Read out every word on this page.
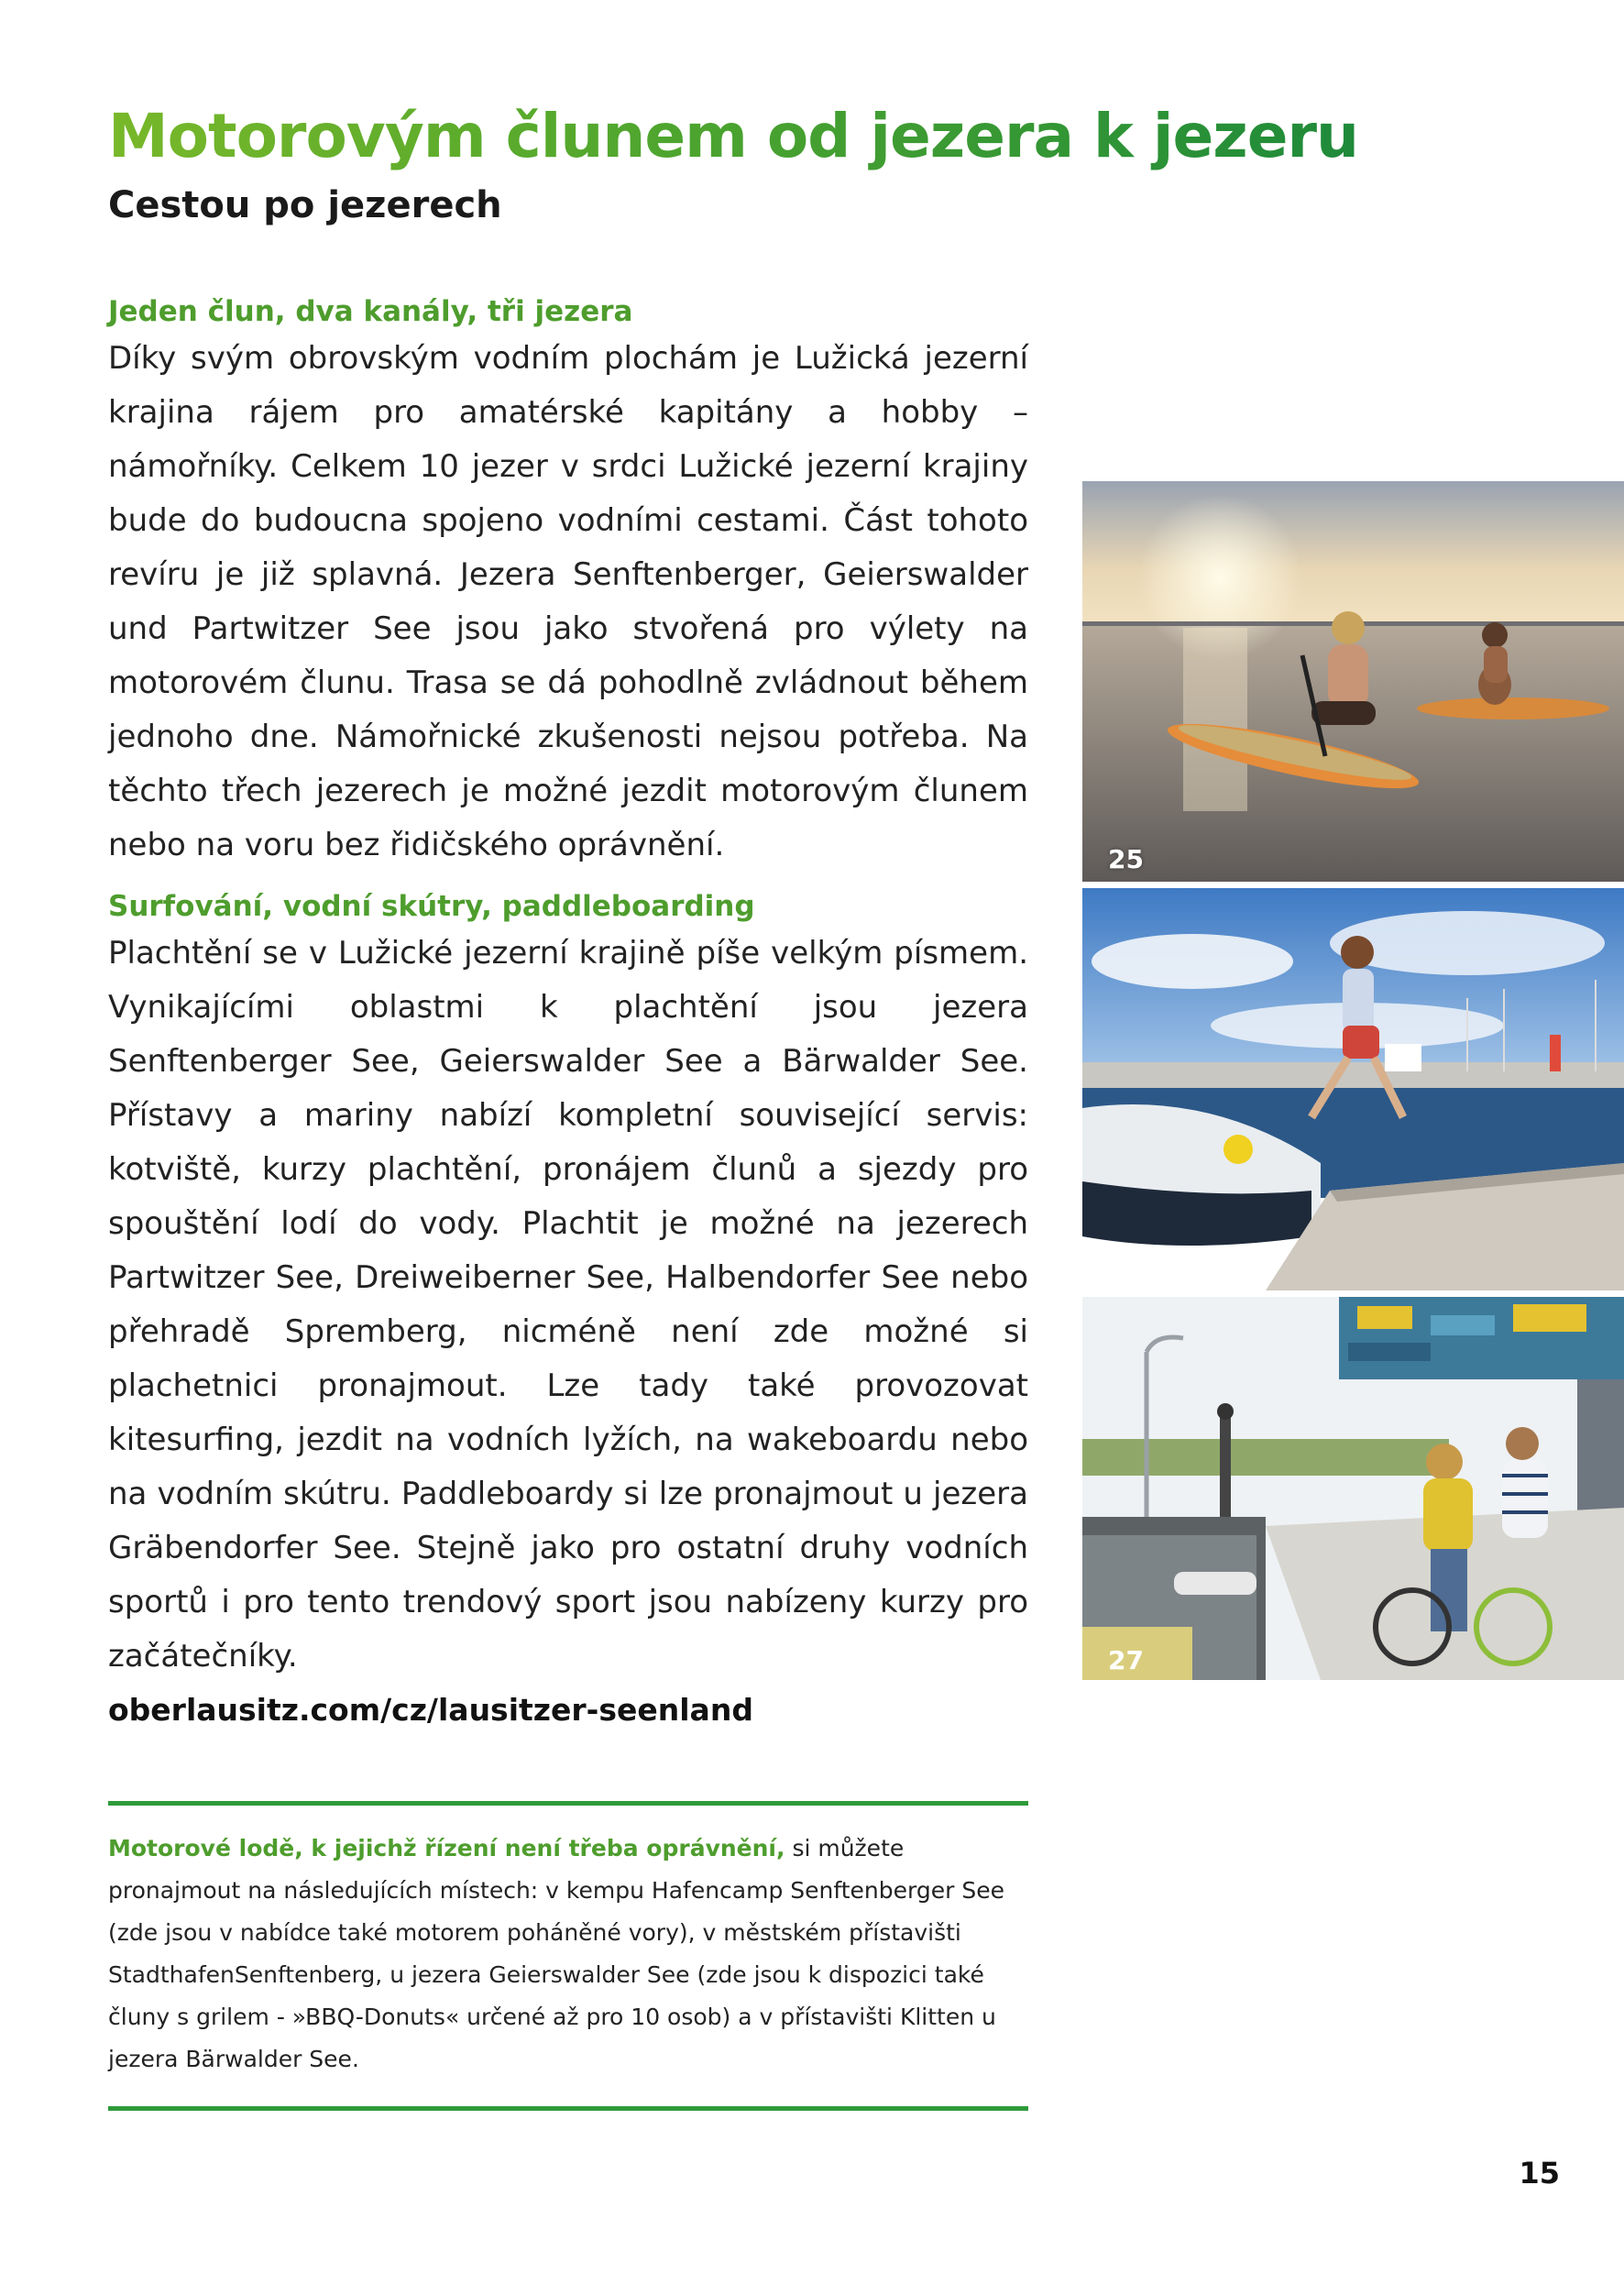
Motorovým člunem od jezera k jezeru
Cestou po jezerech
Jeden člun, dva kanály, tři jezera

Díky svým obrovským vodním plochám je Lužická jezerní krajina rájem pro amatérské kapitány a hobby – námořníky. Celkem 10 jezer v srdci Lužické jezerní krajiny bude do budoucna spojeno vodními cestami. Část tohoto revíru je již splavná. Jezera Senftenberger, Geierswalder und Partwitzer See jsou jako stvořená pro výlety na motorovém člunu. Trasa se dá pohodlně zvládnout během jednoho dne. Námořnické zkušenosti nejsou potřeba. Na těchto třech jezerech je možné jezdit motorovým člunem nebo na voru bez řidičského oprávnění.

Surfování, vodní skútry, paddleboarding

Plachtění se v Lužické jezerní krajině píše velkým písmem. Vynikajícími oblastmi k plachtění jsou jezera Senftenberger See, Geierswalder See a Bärwalder See. Přístavy a mariny nabízí kompletní související servis: kotviště, kurzy plachtění, pronájem člunů a sjezdy pro spouštění lodí do vody. Plachtit je možné na jezerech Partwitzer See, Dreiweiberner See, Halbendorfer See nebo přehradě Spremberg, nicméně není zde možné si plachetnici pronajmout. Lze tady také provozovat kitesurfing, jezdit na vodních lyžích, na wakeboardu nebo na vodním skútru. Paddleboardy si lze pronajmout u jezera Gräbendorfer See. Stejně jako pro ostatní druhy vodních sportů i pro tento trendový sport jsou nabízeny kurzy pro začátečníky.

oberlausitz.com/cz/lausitzer-seenland

25
26
27

Motorové lodě, k jejichž řízení není třeba oprávnění, si můžete pronajmout na následujících místech: v kempu Hafencamp Senftenberger See (zde jsou v nabídce také motorem poháněné vory), v městském přístavišti StadthafenSenftenberg, u jezera Geierswalder See (zde jsou k dispozici také čluny s grilem - »BBQ-Donuts« určené až pro 10 osob) a v přístavišti Klitten u jezera Bärwalder See.

15
